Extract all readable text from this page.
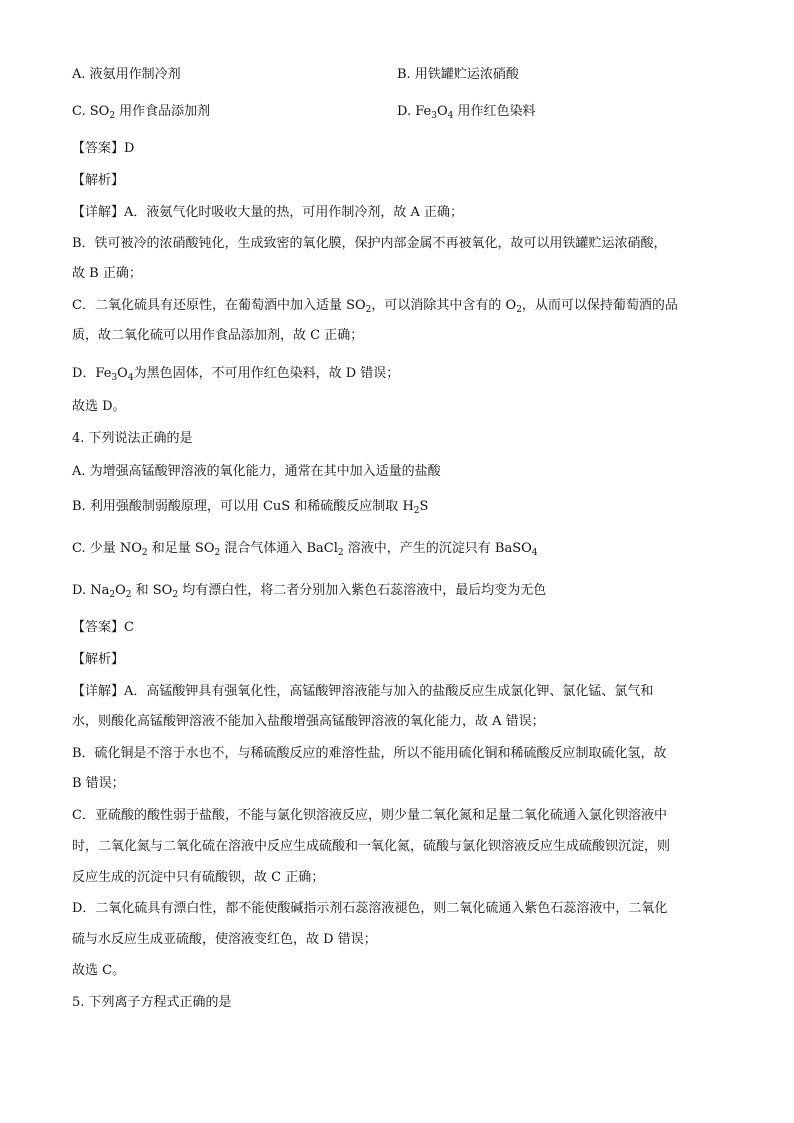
A. 液氨用作制冷剂	B. 用铁罐贮运浓硝酸
C. $SO_2$ 用作食品添加剂	D. $Fe_3O_4$ 用作红色染料
【答案】D
【解析】
【详解】A．液氨气化时吸收大量的热，可用作制冷剂，故 A 正确；
B．铁可被冷的浓硝酸钝化，生成致密的氧化膜，保护内部金属不再被氧化，故可以用铁罐贮运浓硝酸，
故 B 正确；
C．二氧化硫具有还原性，在葡萄酒中加入适量 $SO_2$，可以消除其中含有的 $O_2$，从而可以保持葡萄酒的品
质，故二氧化硫可以用作食品添加剂，故 C 正确；
D．$Fe_3O_4$为黑色固体，不可用作红色染料，故 D 错误；
故选 D。
4. 下列说法正确的是
A. 为增强高锰酸钾溶液的氧化能力，通常在其中加入适量的盐酸
B. 利用强酸制弱酸原理，可以用 CuS 和稀硫酸反应制取 $H_2S$
C. 少量 $NO_2$ 和足量 $SO_2$ 混合气体通入 BaCl$_2$ 溶液中，产生的沉淀只有 BaSO$_4$
D. $Na_2O_2$ 和 $SO_2$ 均有漂白性，将二者分别加入紫色石蕊溶液中，最后均变为无色
【答案】C
【解析】
【详解】A．高锰酸钾具有强氧化性，高锰酸钾溶液能与加入的盐酸反应生成氯化钾、氯化锰、氯气和
水，则酸化高锰酸钾溶液不能加入盐酸增强高锰酸钾溶液的氧化能力，故 A 错误；
B．硫化铜是不溶于水也不，与稀硫酸反应的难溶性盐，所以不能用硫化铜和稀硫酸反应制取硫化氢，故
B 错误；
C．亚硫酸的酸性弱于盐酸，不能与氯化钡溶液反应，则少量二氧化氮和足量二氧化硫通入氯化钡溶液中
时，二氧化氮与二氧化硫在溶液中反应生成硫酸和一氧化氮，硫酸与氯化钡溶液反应生成硫酸钡沉淀，则
反应生成的沉淀中只有硫酸钡，故 C 正确；
D．二氧化硫具有漂白性，都不能使酸碱指示剂石蕊溶液褪色，则二氧化硫通入紫色石蕊溶液中，二氧化
硫与水反应生成亚硫酸，使溶液变红色，故 D 错误；
故选 C。
5. 下列离子方程式正确的是
